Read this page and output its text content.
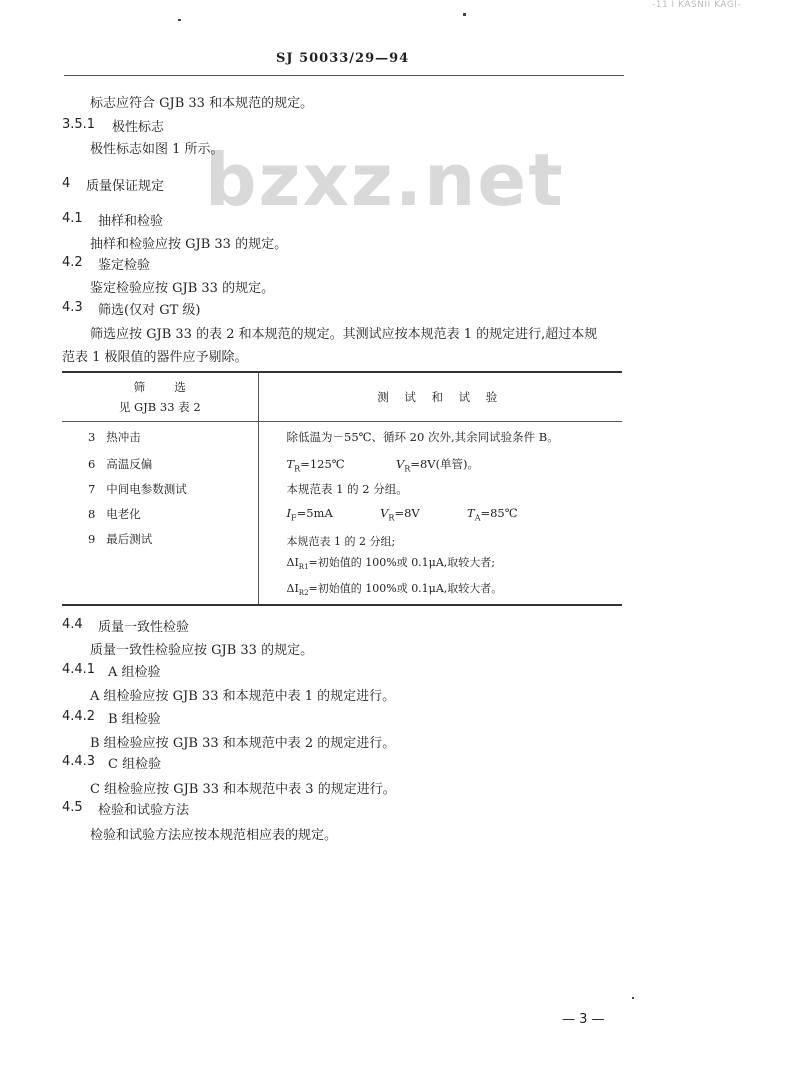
-11 I KASNII KAGI-
SJ 50033/29—94
bzxz.net
标志应符合 GJB 33 和本规范的规定。
3.5.1 极性标志
极性标志如图 1 所示。
4 质量保证规定
4.1 抽样和检验
抽样和检验应按 GJB 33 的规定。
4.2 鉴定检验
鉴定检验应按 GJB 33 的规定。
4.3 筛选(仅对 GT 级)
筛选应按 GJB 33 的表 2 和本规范的规定。其测试应按本规范表 1 的规定进行,超过本规
范表 1 极限值的器件应予剔除。
筛        选
见 GJB 33 表 2	测 试 和 试 验
3 热冲击	除低温为－55℃、循环 20 次外,其余同试验条件 B。
6 高温反偏	$T_R=125℃$ $V_R=8V$(单管)。
7 中间电参数测试	本规范表 1 的 2 分组。
8 电老化	$I_F=5mA$ $V_R=8V$ $T_A=85℃$
9 最后测试	本规范表 1 的 2 分组;
$\Delta I_{R1}=$初始值的 100%或 0.1μA,取较大者;
$\Delta I_{R2}=$初始值的 100%或 0.1μA,取较大者。
4.4 质量一致性检验
质量一致性检验应按 GJB 33 的规定。
4.4.1 A 组检验
A 组检验应按 GJB 33 和本规范中表 1 的规定进行。
4.4.2 B 组检验
B 组检验应按 GJB 33 和本规范中表 2 的规定进行。
4.4.3 C 组检验
C 组检验应按 GJB 33 和本规范中表 3 的规定进行。
4.5 检验和试验方法
检验和试验方法应按本规范相应表的规定。
— 3 —
